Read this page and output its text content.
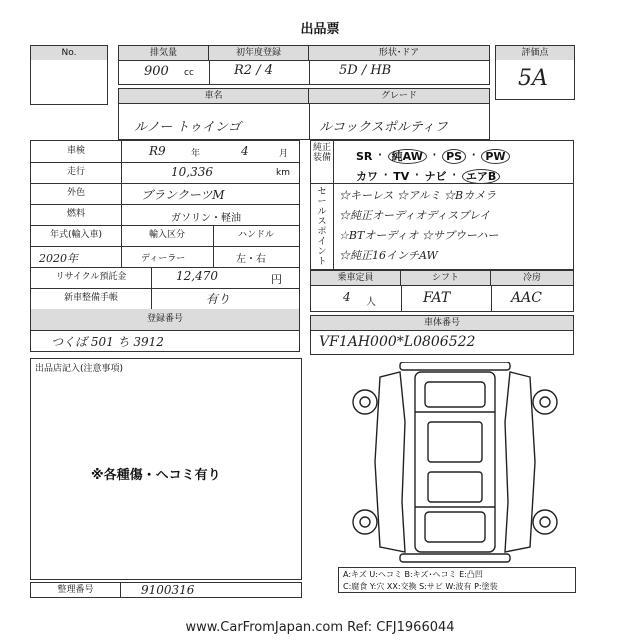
出品票
No.	排気量	初年度登録	形状･ドア
900 cc	R2 / 4	5D / HB
評価点
5A
車名	グレード
ルノー トゥインゴ	ルコックスポルティフ
車検	R9	年	4	月
走行	10,336	km
外色	ブランクーツM
燃料	ガソリン・軽油
年式(輸入車)	輸入区分	ハンドル
2020年	ディーラー	左・右
リサイクル預託金	12,470	円
新車整備手帳	有り
登録番号
つくば 501 ち 3912
純正装備 SR · 純AW · PS · PW
カワ · TV · ナビ · エアB
セールスポイント
☆キーレス ☆アルミ ☆Bカメラ
☆純正オーディオディスプレイ
☆BTオーディオ ☆サブウーハー
☆純正16インチAW
乗車定員	シフト	冷房
4 人	FAT	AAC
車体番号
VF1AH000*L0806522
出品店記入(注意事項)
※各種傷・ヘコミ有り
A:キズ U:ヘコミ B:キズ･ヘコミ E:凸凹
C:腐食 Y:穴 XX:交換 S:サビ W:波有 P:塗装
整理番号	9100316
www.CarFromJapan.com Ref: CFJ1966044
